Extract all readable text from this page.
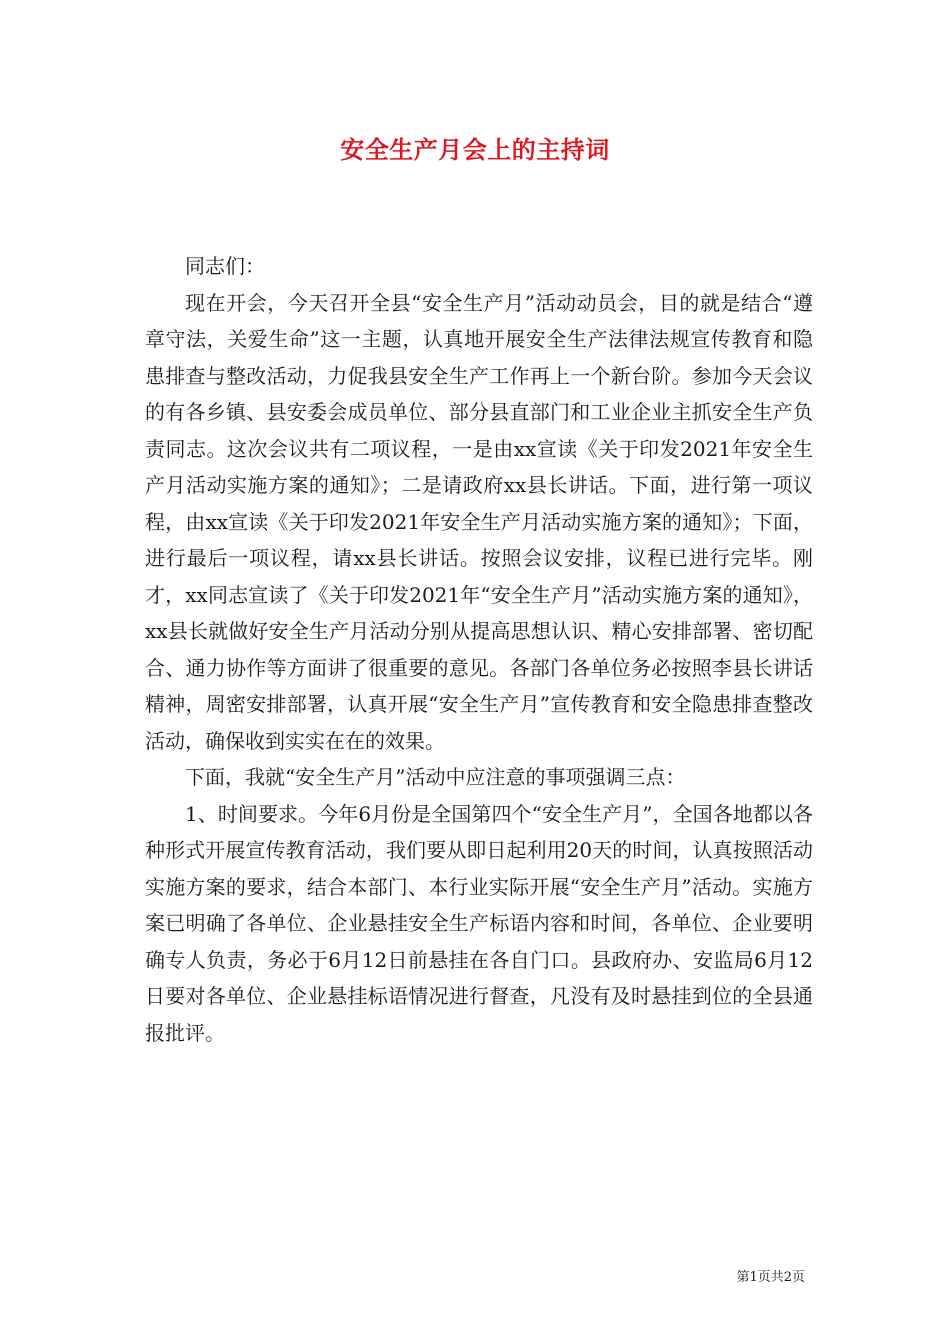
安全生产月会上的主持词

同志们：

现在开会，今天召开全县“安全生产月”活动动员会，目的就是结合“遵章守法，关爱生命”这一主题，认真地开展安全生产法律法规宣传教育和隐患排查与整改活动，力促我县安全生产工作再上一个新台阶。参加今天会议的有各乡镇、县安委会成员单位、部分县直部门和工业企业主抓安全生产负责同志。这次会议共有二项议程，一是由xx宣读《关于印发2021年安全生产月活动实施方案的通知》；二是请政府xx县长讲话。下面，进行第一项议程，由xx宣读《关于印发2021年安全生产月活动实施方案的通知》；下面，进行最后一项议程，请xx县长讲话。按照会议安排，议程已进行完毕。刚才，xx同志宣读了《关于印发2021年“安全生产月”活动实施方案的通知》，xx县长就做好安全生产月活动分别从提高思想认识、精心安排部署、密切配合、通力协作等方面讲了很重要的意见。各部门各单位务必按照李县长讲话精神，周密安排部署，认真开展“安全生产月”宣传教育和安全隐患排查整改活动，确保收到实实在在的效果。

下面，我就“安全生产月”活动中应注意的事项强调三点：

1、时间要求。今年6月份是全国第四个“安全生产月”，全国各地都以各种形式开展宣传教育活动，我们要从即日起利用20天的时间，认真按照活动实施方案的要求，结合本部门、本行业实际开展“安全生产月”活动。实施方案已明确了各单位、企业悬挂安全生产标语内容和时间，各单位、企业要明确专人负责，务必于6月12日前悬挂在各自门口。县政府办、安监局6月12日要对各单位、企业悬挂标语情况进行督查，凡没有及时悬挂到位的全县通报批评。

第1页共2页
